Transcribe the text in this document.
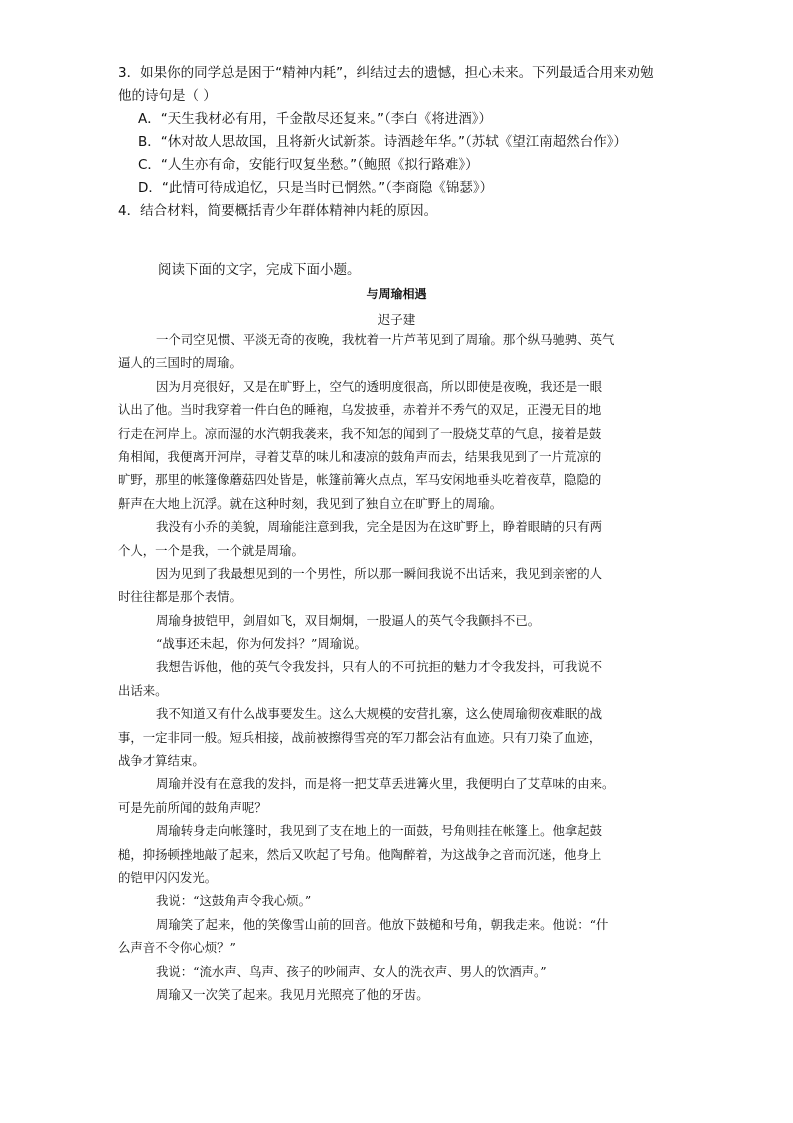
3．如果你的同学总是困于“精神内耗”，纠结过去的遗憾，担心未来。下列最适合用来劝勉
他的诗句是（ ）
A．“天生我材必有用，千金散尽还复来。”（李白《将进酒》）
B．“休对故人思故国，且将新火试新茶。诗酒趁年华。”（苏轼《望江南超然台作》）
C．“人生亦有命，安能行叹复坐愁。”（鲍照《拟行路难》）
D．“此情可待成追忆，只是当时已惘然。”（李商隐《锦瑟》）
4．结合材料，简要概括青少年群体精神内耗的原因。
阅读下面的文字，完成下面小题。
与周瑜相遇
迟子建
一个司空见惯、平淡无奇的夜晚，我枕着一片芦苇见到了周瑜。那个纵马驰骋、英气
逼人的三国时的周瑜。
因为月亮很好，又是在旷野上，空气的透明度很高，所以即使是夜晚，我还是一眼
认出了他。当时我穿着一件白色的睡袍，乌发披垂，赤着并不秀气的双足，正漫无目的地
行走在河岸上。凉而湿的水汽朝我袭来，我不知怎的闻到了一股烧艾草的气息，接着是鼓
角相闻，我便离开河岸，寻着艾草的味儿和凄凉的鼓角声而去，结果我见到了一片荒凉的
旷野，那里的帐篷像蘑菇四处皆是，帐篷前篝火点点，军马安闲地垂头吃着夜草，隐隐的
鼾声在大地上沉浮。就在这种时刻，我见到了独自立在旷野上的周瑜。
我没有小乔的美貌，周瑜能注意到我，完全是因为在这旷野上，睁着眼睛的只有两
个人，一个是我，一个就是周瑜。
因为见到了我最想见到的一个男性，所以那一瞬间我说不出话来，我见到亲密的人
时往往都是那个表情。
周瑜身披铠甲，剑眉如飞，双目炯炯，一股逼人的英气令我颤抖不已。
“战事还未起，你为何发抖？”周瑜说。
我想告诉他，他的英气令我发抖，只有人的不可抗拒的魅力才令我发抖，可我说不
出话来。
我不知道又有什么战事要发生。这么大规模的安营扎寨，这么使周瑜彻夜难眠的战
事，一定非同一般。短兵相接，战前被擦得雪亮的军刀都会沾有血迹。只有刀染了血迹，
战争才算结束。
周瑜并没有在意我的发抖，而是将一把艾草丢进篝火里，我便明白了艾草味的由来。
可是先前所闻的鼓角声呢？
周瑜转身走向帐篷时，我见到了支在地上的一面鼓，号角则挂在帐篷上。他拿起鼓
槌，抑扬顿挫地敲了起来，然后又吹起了号角。他陶醉着，为这战争之音而沉迷，他身上
的铠甲闪闪发光。
我说：“这鼓角声令我心烦。”
周瑜笑了起来，他的笑像雪山前的回音。他放下鼓槌和号角，朝我走来。他说：“什
么声音不令你心烦？”
我说：“流水声、鸟声、孩子的吵闹声、女人的洗衣声、男人的饮酒声。”
周瑜又一次笑了起来。我见月光照亮了他的牙齿。
